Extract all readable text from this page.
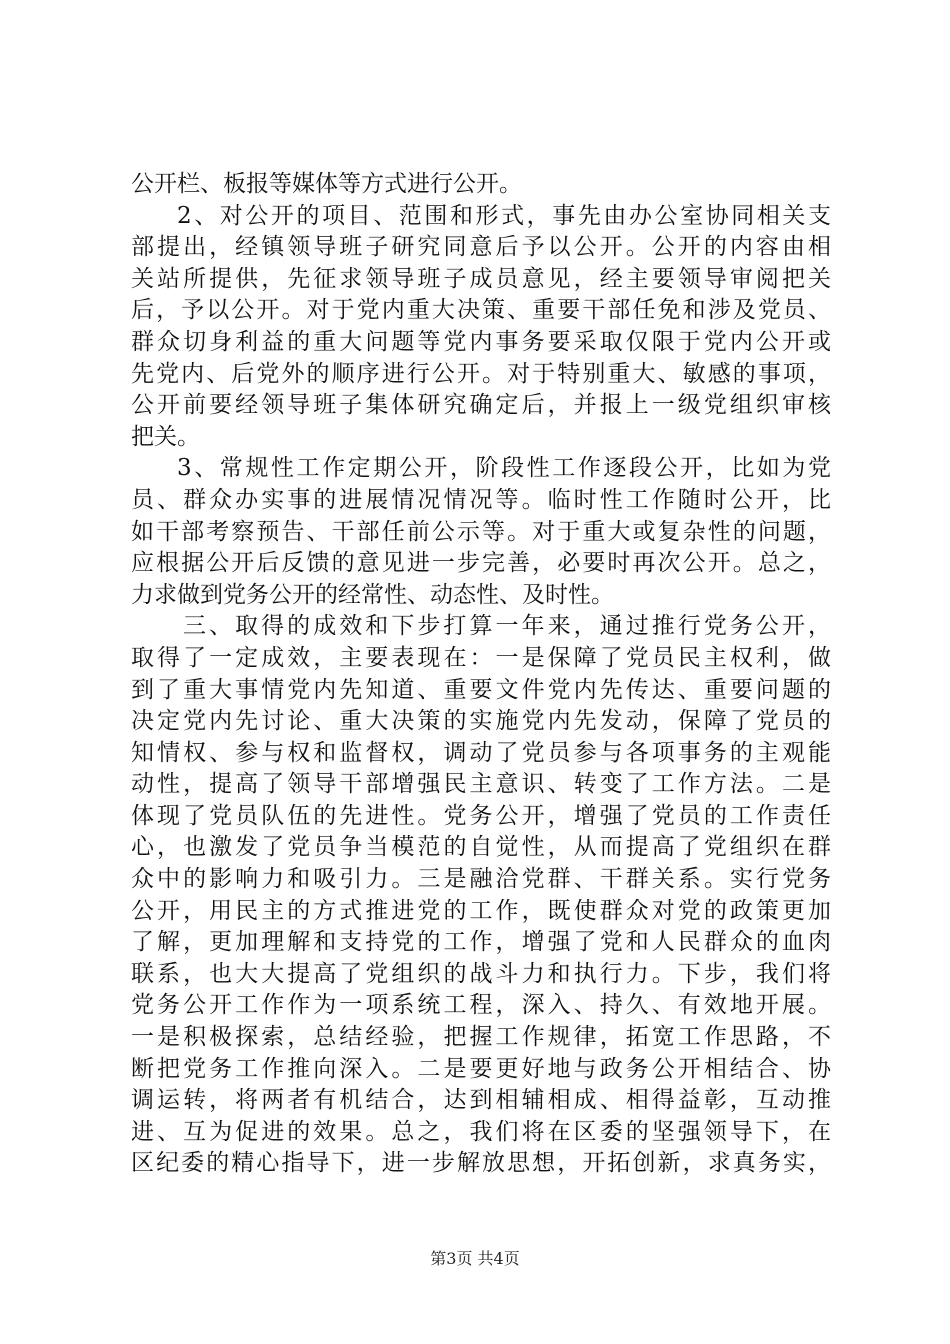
公开栏、板报等媒体等方式进行公开。
2、对公开的项目、范围和形式，事先由办公室协同相关支
部提出，经镇领导班子研究同意后予以公开。公开的内容由相
关站所提供，先征求领导班子成员意见，经主要领导审阅把关
后，予以公开。对于党内重大决策、重要干部任免和涉及党员、
群众切身利益的重大问题等党内事务要采取仅限于党内公开或
先党内、后党外的顺序进行公开。对于特别重大、敏感的事项，
公开前要经领导班子集体研究确定后，并报上一级党组织审核
把关。
3、常规性工作定期公开，阶段性工作逐段公开，比如为党
员、群众办实事的进展情况情况等。临时性工作随时公开，比
如干部考察预告、干部任前公示等。对于重大或复杂性的问题，
应根据公开后反馈的意见进一步完善，必要时再次公开。总之，
力求做到党务公开的经常性、动态性、及时性。
三、取得的成效和下步打算一年来，通过推行党务公开，
取得了一定成效，主要表现在：一是保障了党员民主权利，做
到了重大事情党内先知道、重要文件党内先传达、重要问题的
决定党内先讨论、重大决策的实施党内先发动，保障了党员的
知情权、参与权和监督权，调动了党员参与各项事务的主观能
动性，提高了领导干部增强民主意识、转变了工作方法。二是
体现了党员队伍的先进性。党务公开，增强了党员的工作责任
心，也激发了党员争当模范的自觉性，从而提高了党组织在群
众中的影响力和吸引力。三是融洽党群、干群关系。实行党务
公开，用民主的方式推进党的工作，既使群众对党的政策更加
了解，更加理解和支持党的工作，增强了党和人民群众的血肉
联系，也大大提高了党组织的战斗力和执行力。下步，我们将
党务公开工作作为一项系统工程，深入、持久、有效地开展。
一是积极探索，总结经验，把握工作规律，拓宽工作思路，不
断把党务工作推向深入。二是要更好地与政务公开相结合、协
调运转，将两者有机结合，达到相辅相成、相得益彰，互动推
进、互为促进的效果。总之，我们将在区委的坚强领导下，在
区纪委的精心指导下，进一步解放思想，开拓创新，求真务实，
第3页 共4页
